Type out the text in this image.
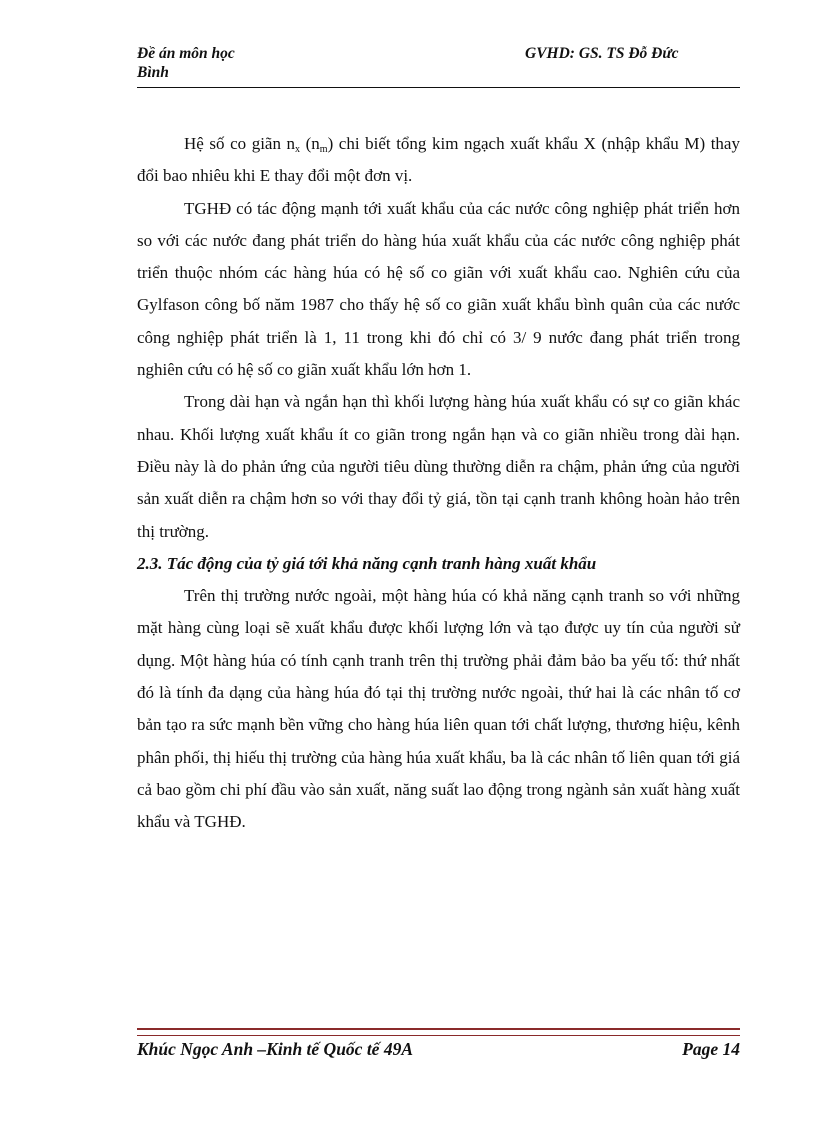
Đề án môn học
Bình
GVHD: GS. TS Đỗ Đức

Hệ số co giãn $n_x$ $(n_m)$ chi biết tổng kim ngạch xuất khẩu X (nhập khẩu M) thay đổi bao nhiêu khi E thay đổi một đơn vị.

TGHĐ có tác động mạnh tới xuất khẩu của các nước công nghiệp phát triển hơn so với các nước đang phát triển do hàng húa xuất khẩu của các nước công nghiệp phát triển thuộc nhóm các hàng húa có hệ số co giãn với xuất khẩu cao. Nghiên cứu của Gylfason công bố năm 1987 cho thấy hệ số co giãn xuất khẩu bình quân của các nước công nghiệp phát triển là 1, 11 trong khi đó chỉ có 3/ 9 nước đang phát triển trong nghiên cứu có hệ số co giãn xuất khẩu lớn hơn 1.

Trong dài hạn và ngắn hạn thì khối lượng hàng húa xuất khẩu có sự co giãn khác nhau. Khối lượng xuất khẩu ít co giãn trong ngắn hạn và co giãn nhiều trong dài hạn. Điều này là do phản ứng của người tiêu dùng thường diễn ra chậm, phản ứng của người sản xuất diễn ra chậm hơn so với thay đổi tỷ giá, tồn tại cạnh tranh không hoàn hảo trên thị trường.

2.3. Tác động của tỷ giá tới khả năng cạnh tranh hàng xuất khẩu

Trên thị trường nước ngoài, một hàng húa có khả năng cạnh tranh so với những mặt hàng cùng loại sẽ xuất khẩu được khối lượng lớn và tạo được uy tín của người sử dụng. Một hàng húa có tính cạnh tranh trên thị trường phải đảm bảo ba yếu tố: thứ nhất đó là tính đa dạng của hàng húa đó tại thị trường nước ngoài, thứ hai là các nhân tố cơ bản tạo ra sức mạnh bền vững cho hàng húa liên quan tới chất lượng, thương hiệu, kênh phân phối, thị hiếu thị trường của hàng húa xuất khẩu, ba là các nhân tố liên quan tới giá cả bao gồm chi phí đầu vào sản xuất, năng suất lao động trong ngành sản xuất hàng xuất khẩu và TGHĐ.

Khúc Ngọc Anh –Kinh tế Quốc tế 49A	Page 14
